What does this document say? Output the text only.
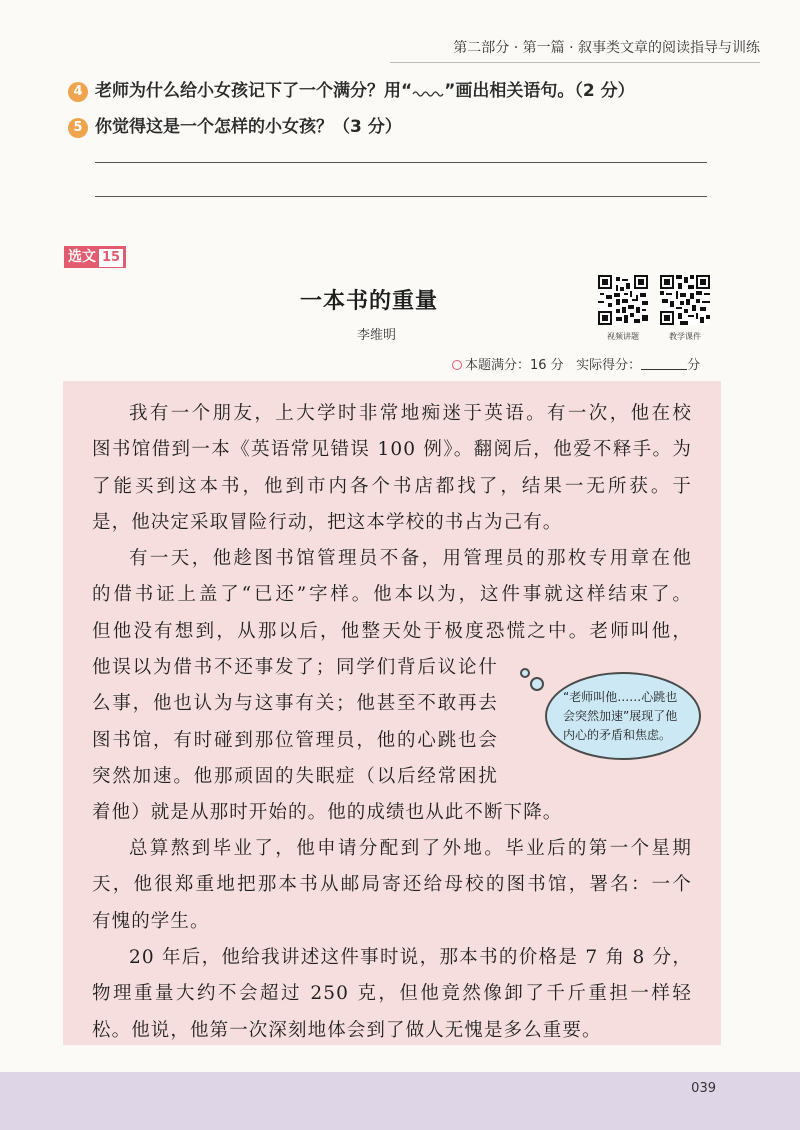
第二部分 · 第一篇 · 叙事类文章的阅读指导与训练
4 老师为什么给小女孩记下了一个满分？用“ ”画出相关语句。（2 分）
5 你觉得这是一个怎样的小女孩？（3 分）
选文 15
一本书的重量
李维明	视频讲题	教学课件
本题满分：16 分 实际得分：	分
我有一个朋友，上大学时非常地痴迷于英语。有一次，他在校
图书馆借到一本《英语常见错误 100 例》。翻阅后，他爱不释手。为
了能买到这本书，他到市内各个书店都找了，结果一无所获。于
是，他决定采取冒险行动，把这本学校的书占为己有。
有一天，他趁图书馆管理员不备，用管理员的那枚专用章在他
的借书证上盖了“已还”字样。他本以为，这件事就这样结束了。
但他没有想到，从那以后，他整天处于极度恐慌之中。老师叫他，
他误以为借书不还事发了；同学们背后议论什
么事，他也认为与这事有关；他甚至不敢再去
图书馆，有时碰到那位管理员，他的心跳也会
突然加速。他那顽固的失眠症（以后经常困扰
着他）就是从那时开始的。他的成绩也从此不断下降。
“老师叫他……心跳也会突然加速”展现了他内心的矛盾和焦虑。
总算熬到毕业了，他申请分配到了外地。毕业后的第一个星期
天，他很郑重地把那本书从邮局寄还给母校的图书馆，署名：一个
有愧的学生。
20 年后，他给我讲述这件事时说，那本书的价格是 7 角 8 分，
物理重量大约不会超过 250 克，但他竟然像卸了千斤重担一样轻
松。他说，他第一次深刻地体会到了做人无愧是多么重要。
039
